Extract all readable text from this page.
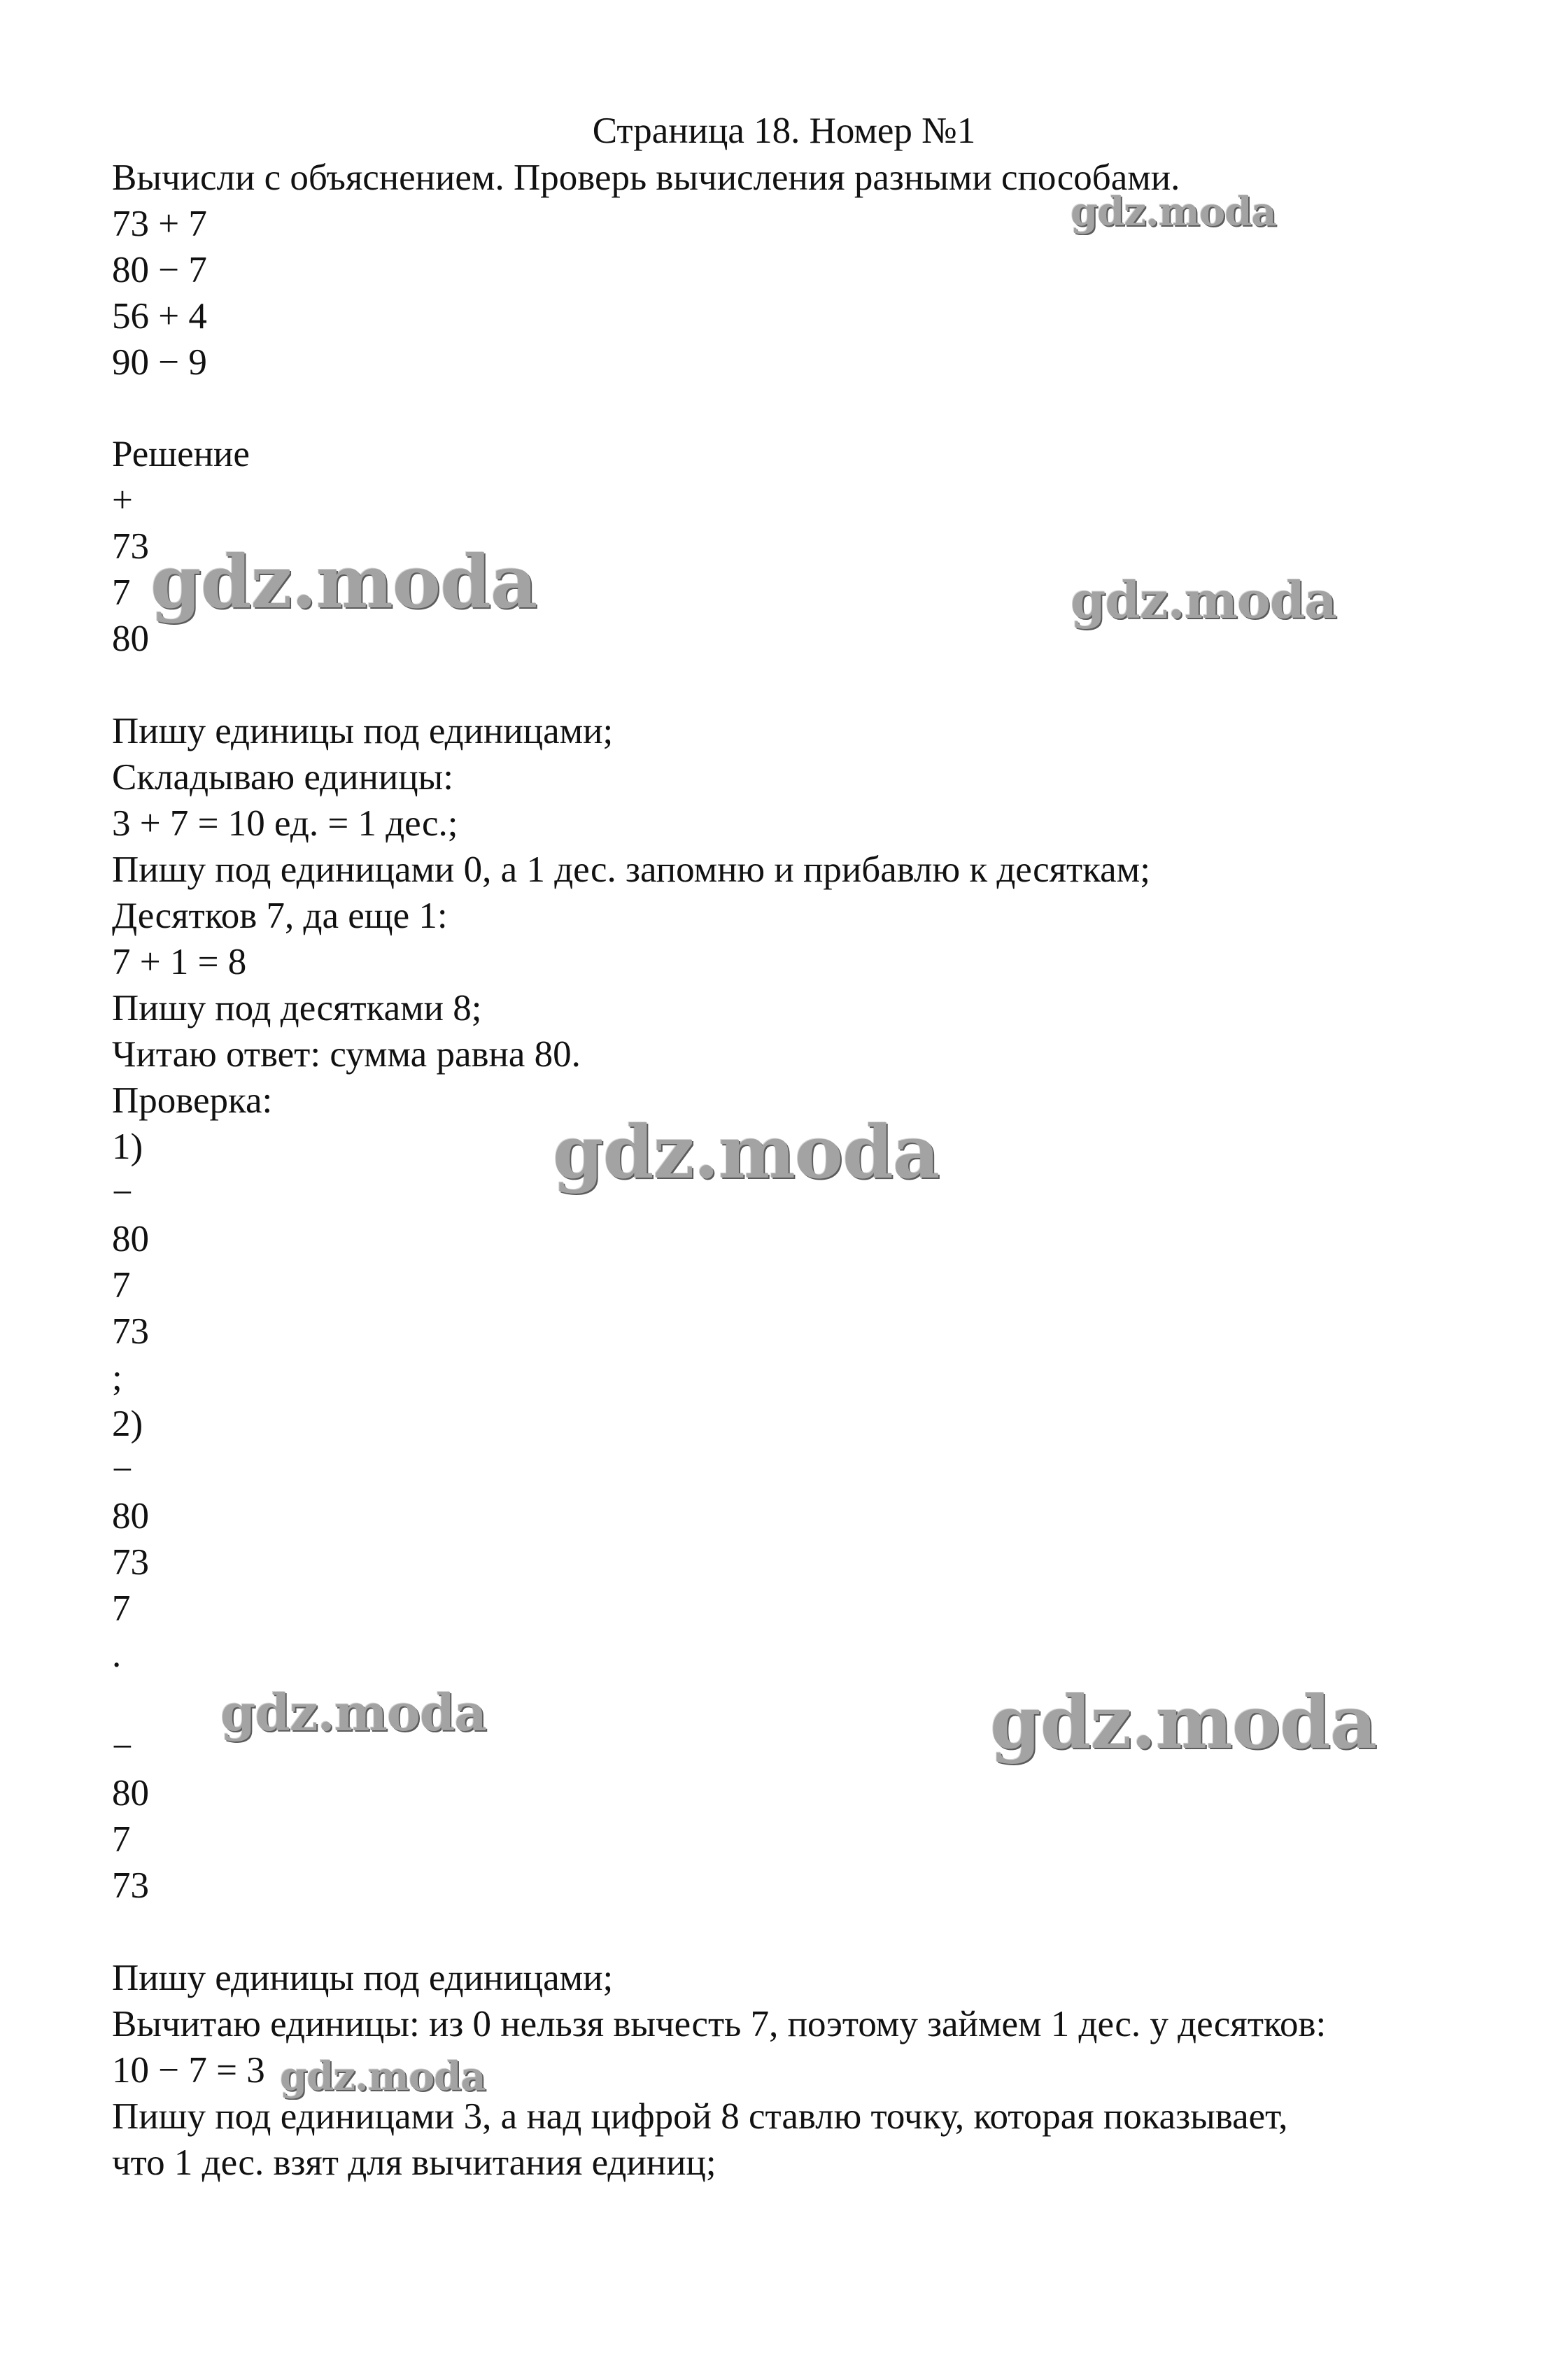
Страница 18. Номер №1

Вычисли с объяснением. Проверь вычисления разными способами.

73 + 7

80 − 7

56 + 4

90 − 9

Решение

+

73

7

80

Пишу единицы под единицами;

Складываю единицы:

3 + 7 = 10 ед. = 1 дес.;

Пишу под единицами 0, а 1 дес. запомню и прибавлю к десяткам;

Десятков 7, да еще 1:

7 + 1 = 8

Пишу под десятками 8;

Читаю ответ: сумма равна 80.

Проверка:

1)

−

80

7

73

;

2)

−

80

73

7

.

−

80

7

73

Пишу единицы под единицами;

Вычитаю единицы: из 0 нельзя вычесть 7, поэтому займем 1 дес. у десятков:

10 − 7 = 3

Пишу под единицами 3, а над цифрой 8 ставлю точку, которая показывает,

что 1 дес. взят для вычитания единиц;

gdz.moda
gdz.moda	gdz.moda
gdz.moda
gdz.moda	gdz.moda
gdz.moda
